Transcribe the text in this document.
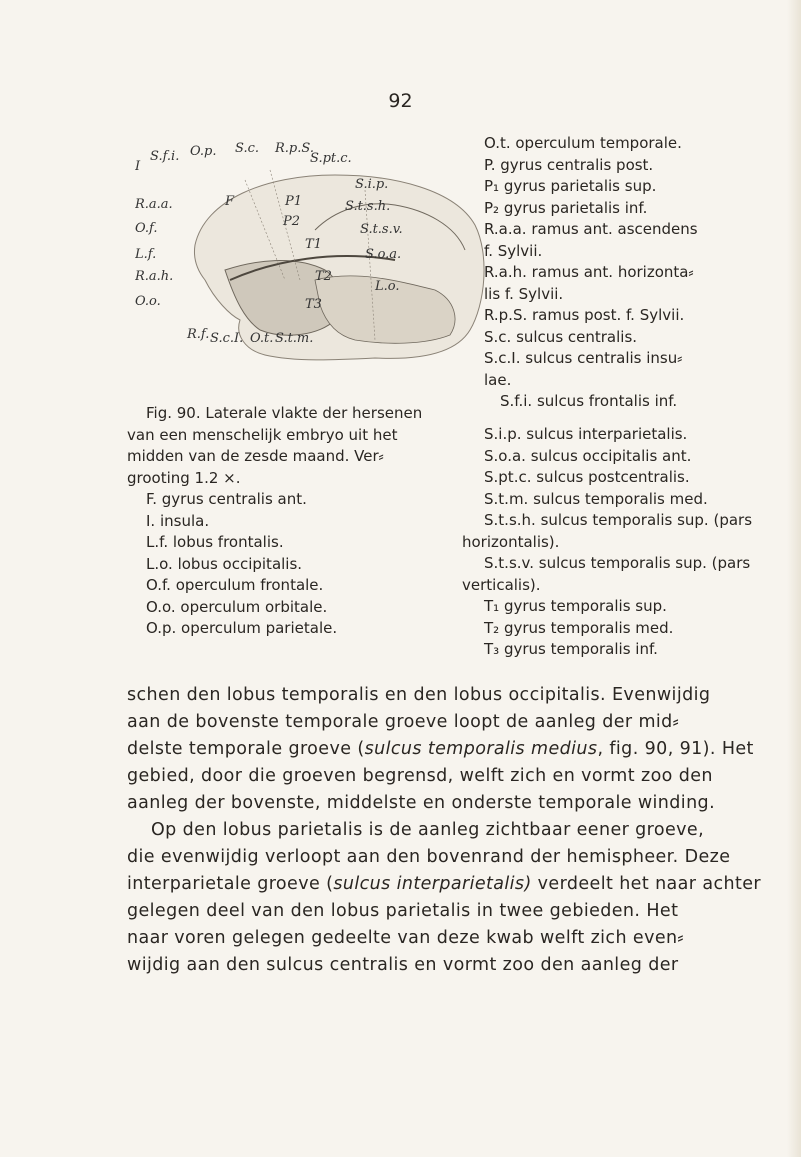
92
I
S.f.i. O.p. S.c. R.p.S.
S.pt.c.
R.a.a.
S.i.p.
F	P1
P2
S.t.s.h.
O.f.	S.t.s.v.
L.f.
T1
S.o.a.
R.a.h.	T2
L.o.
O.o.	T3
R.f. S.c.I. O.t. S.t.m.
O.t. operculum temporale.
P. gyrus centralis post.
P₁ gyrus parietalis sup.
P₂ gyrus parietalis inf.
R.a.a. ramus ant. ascendens
f. Sylvii.
R.a.h. ramus ant. horizonta⸗
lis f. Sylvii.
R.p.S. ramus post. f. Sylvii.
S.c. sulcus centralis.
S.c.I. sulcus centralis insu⸗
lae.
S.f.i. sulcus frontalis inf.
Fig. 90. Laterale vlakte der hersenen
van een menschelijk embryo uit het
midden van de zesde maand. Ver⸗
grooting 1.2 ×.
F. gyrus centralis ant.
I. insula.
L.f. lobus frontalis.
L.o. lobus occipitalis.
O.f. operculum frontale.
O.o. operculum orbitale.
O.p. operculum parietale.
S.i.p. sulcus interparietalis.
S.o.a. sulcus occipitalis ant.
S.pt.c. sulcus postcentralis.
S.t.m. sulcus temporalis med.
S.t.s.h. sulcus temporalis sup. (pars
horizontalis).
S.t.s.v. sulcus temporalis sup. (pars
verticalis).
T₁ gyrus temporalis sup.
T₂ gyrus temporalis med.
T₃ gyrus temporalis inf.
schen den lobus temporalis en den lobus occipitalis. Evenwijdig
aan de bovenste temporale groeve loopt de aanleg der mid⸗
delste temporale groeve (sulcus temporalis medius, fig. 90, 91). Het
gebied, door die groeven begrensd, welft zich en vormt zoo den
aanleg der bovenste, middelste en onderste temporale winding.
Op den lobus parietalis is de aanleg zichtbaar eener groeve,
die evenwijdig verloopt aan den bovenrand der hemispheer. Deze
interparietale groeve (sulcus interparietalis) verdeelt het naar achter
gelegen deel van den lobus parietalis in twee gebieden. Het
naar voren gelegen gedeelte van deze kwab welft zich even⸗
wijdig aan den sulcus centralis en vormt zoo den aanleg der
